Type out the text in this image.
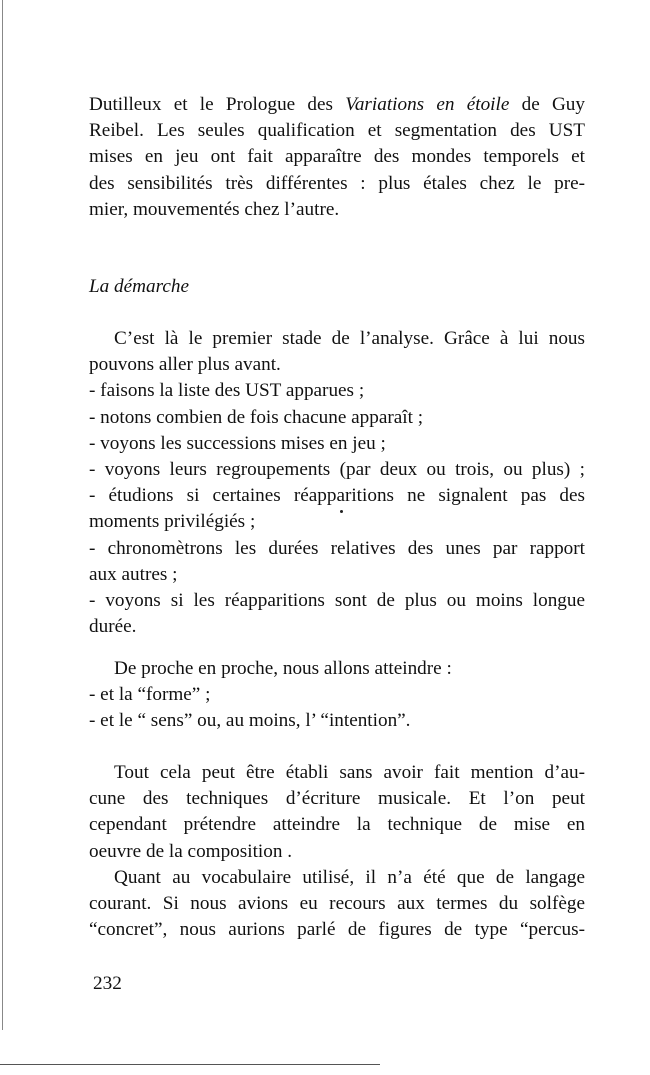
Dutilleux et le Prologue des Variations en étoile de Guy
Reibel. Les seules qualification et segmentation des UST
mises en jeu ont fait apparaître des mondes temporels et
des sensibilités très différentes : plus étales chez le pre-
mier, mouvementés chez l’autre.
La démarche
C’est là le premier stade de l’analyse. Grâce à lui nous
pouvons aller plus avant.
- faisons la liste des UST apparues ;
- notons combien de fois chacune apparaît ;
- voyons les successions mises en jeu ;
- voyons leurs regroupements (par deux ou trois, ou plus) ;
- étudions si certaines réapparitions ne signalent pas des
moments privilégiés ;
- chronomètrons les durées relatives des unes par rapport
aux autres ;
- voyons si les réapparitions sont de plus ou moins longue
durée.
De proche en proche, nous allons atteindre :
- et la “forme” ;
- et le “ sens” ou, au moins, l’ “intention”.
Tout cela peut être établi sans avoir fait mention d’au-
cune des techniques d’écriture musicale. Et l’on peut
cependant prétendre atteindre la technique de mise en
oeuvre de la composition .
Quant au vocabulaire utilisé, il n’a été que de langage
courant. Si nous avions eu recours aux termes du solfège
“concret”, nous aurions parlé de figures de type “percus-
232
